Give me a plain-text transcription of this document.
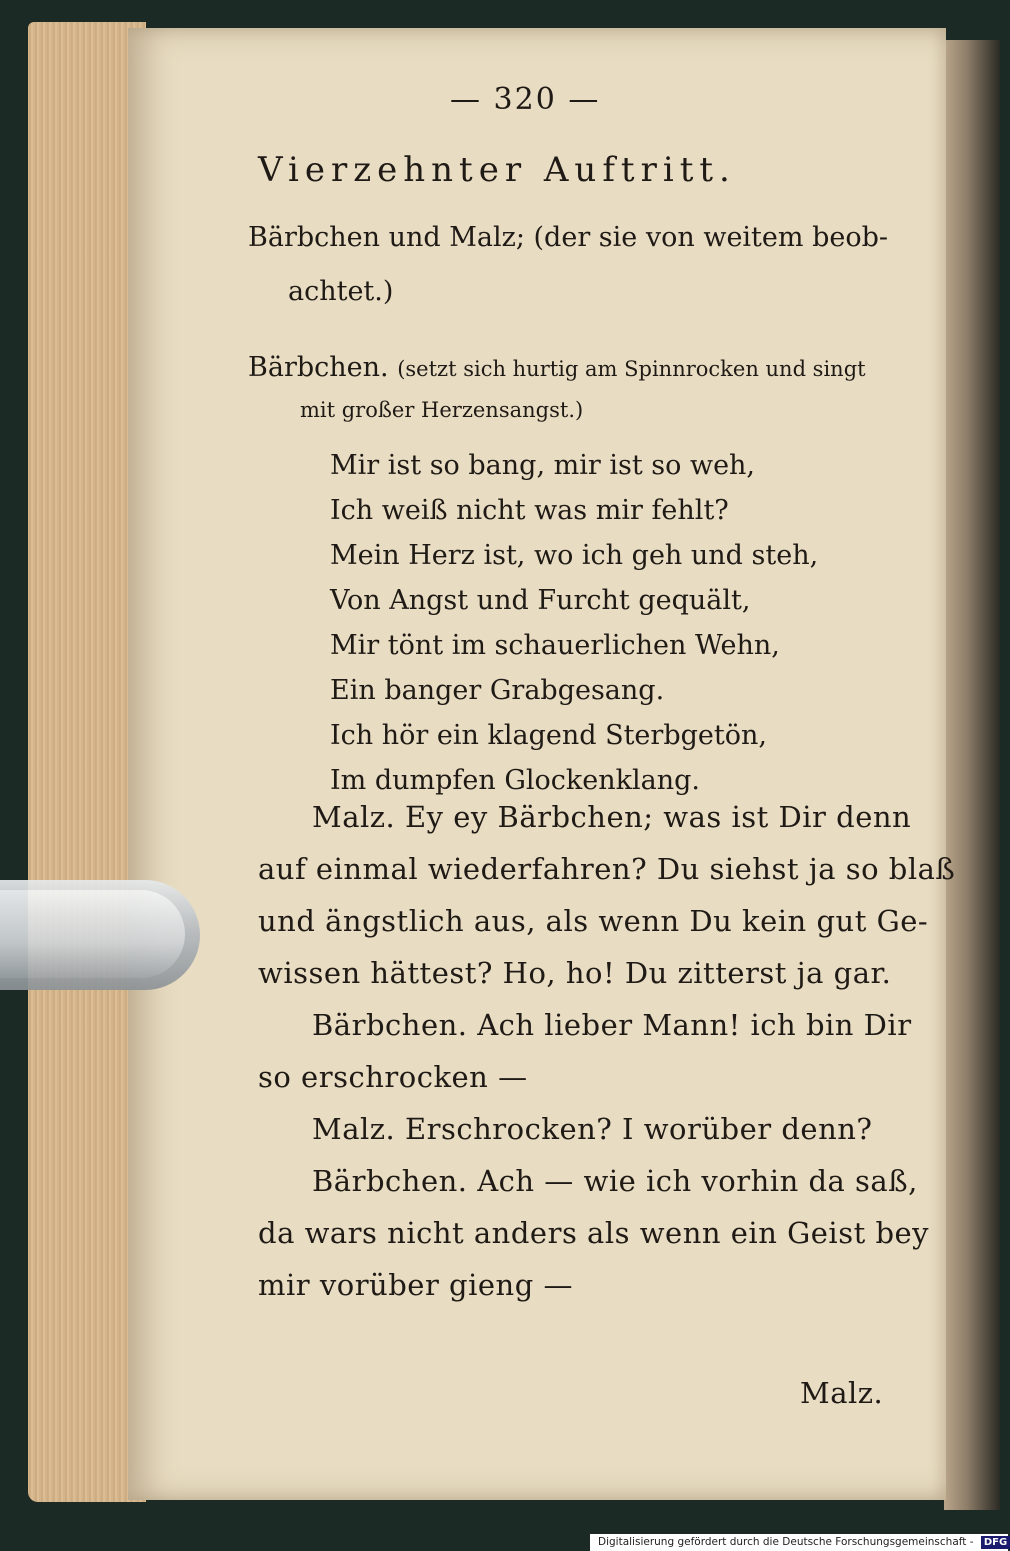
— 320 —
Vierzehnter Auftritt.
Bärbchen und Malz; (der sie von weitem beob-
achtet.)
Bärbchen. (setzt sich hurtig am Spinnrocken und singt
mit großer Herzensangst.)
Mir ist so bang, mir ist so weh,
Ich weiß nicht was mir fehlt?
Mein Herz ist, wo ich geh und steh,
Von Angst und Furcht gequält,
Mir tönt im schauerlichen Wehn,
Ein banger Grabgesang.
Ich hör ein klagend Sterbgetön,
Im dumpfen Glockenklang.
Malz. Ey ey Bärbchen; was ist Dir denn
auf einmal wiederfahren? Du siehst ja so blaß
und ängstlich aus, als wenn Du kein gut Ge-
wissen hättest? Ho, ho! Du zitterst ja gar.
Bärbchen. Ach lieber Mann! ich bin Dir
so erschrocken —
Malz. Erschrocken? I worüber denn?
Bärbchen. Ach — wie ich vorhin da saß,
da wars nicht anders als wenn ein Geist bey
mir vorüber gieng —
Malz.
Digitalisierung gefördert durch die Deutsche Forschungsgemeinschaft - DFG
